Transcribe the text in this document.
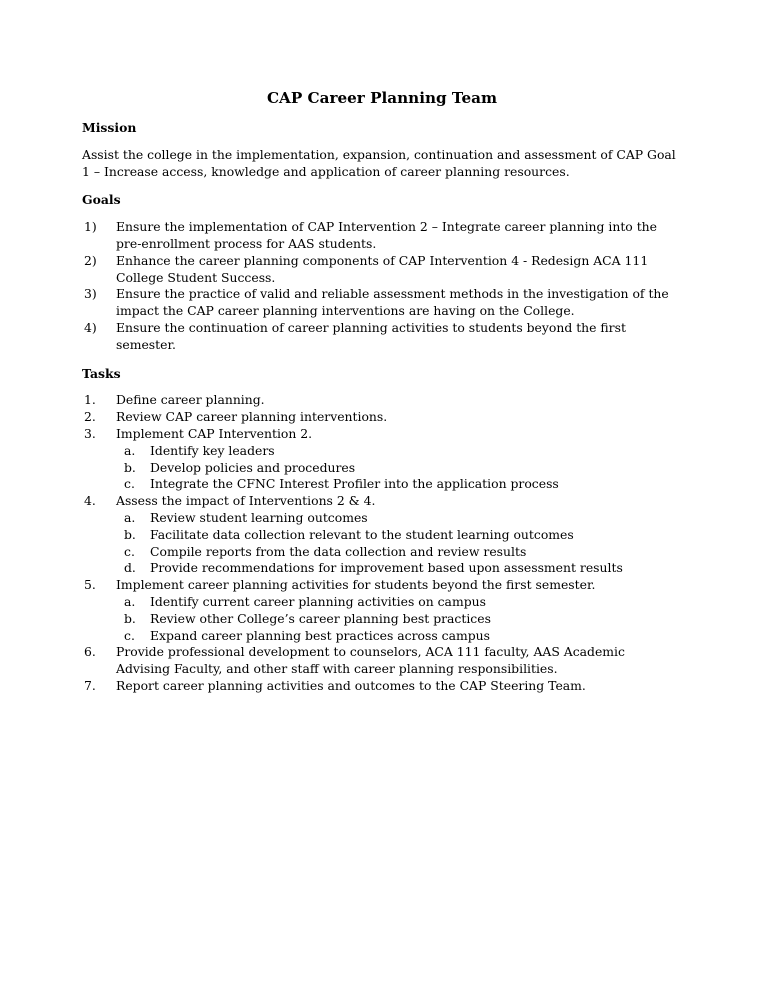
CAP Career Planning Team
Mission

Assist the college in the implementation, expansion, continuation and assessment of CAP Goal 1 – Increase access, knowledge and application of career planning resources.

Goals
1) Ensure the implementation of CAP Intervention 2 – Integrate career planning into the pre-enrollment process for AAS students.
2) Enhance the career planning components of CAP Intervention 4 - Redesign ACA 111 College Student Success.
3) Ensure the practice of valid and reliable assessment methods in the investigation of the impact the CAP career planning interventions are having on the College.
4) Ensure the continuation of career planning activities to students beyond the first semester.
Tasks
1. Define career planning.
2. Review CAP career planning interventions.
3. Implement CAP Intervention 2.
a. Identify key leaders
b. Develop policies and procedures
c. Integrate the CFNC Interest Profiler into the application process
4. Assess the impact of Interventions 2 & 4.
a. Review student learning outcomes
b. Facilitate data collection relevant to the student learning outcomes
c. Compile reports from the data collection and review results
d. Provide recommendations for improvement based upon assessment results
5. Implement career planning activities for students beyond the first semester.
a. Identify current career planning activities on campus
b. Review other College’s career planning best practices
c. Expand career planning best practices across campus
6. Provide professional development to counselors, ACA 111 faculty, AAS Academic Advising Faculty, and other staff with career planning responsibilities.
7. Report career planning activities and outcomes to the CAP Steering Team.
